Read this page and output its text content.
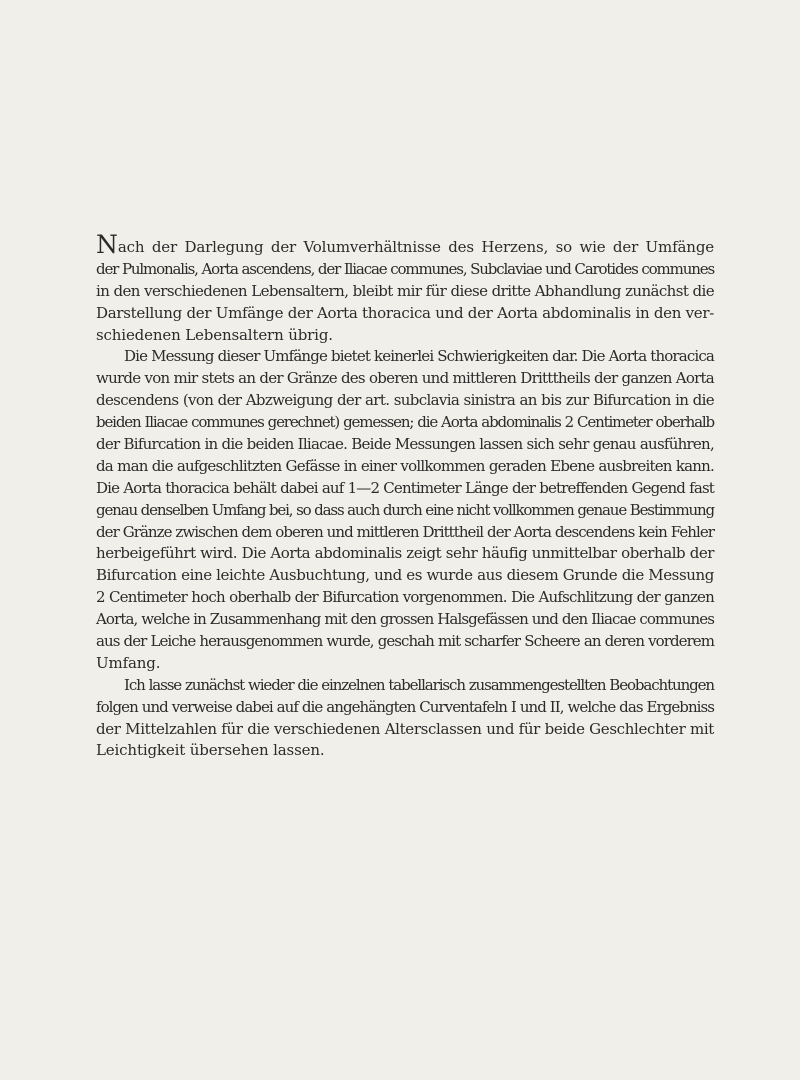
Nach der Darlegung der Volumverhältnisse des Herzens, so wie der Umfänge
der Pulmonalis, Aorta ascendens, der Iliacae communes, Subclaviae und Carotides communes
in den verschiedenen Lebensaltern, bleibt mir für diese dritte Abhandlung zunächst die
Darstellung der Umfänge der Aorta thoracica und der Aorta abdominalis in den ver-
schiedenen Lebensaltern übrig.
Die Messung dieser Umfänge bietet keinerlei Schwierigkeiten dar. Die Aorta thoracica
wurde von mir stets an der Gränze des oberen und mittleren Dritttheils der ganzen Aorta
descendens (von der Abzweigung der art. subclavia sinistra an bis zur Bifurcation in die
beiden Iliacae communes gerechnet) gemessen; die Aorta abdominalis 2 Centimeter oberhalb
der Bifurcation in die beiden Iliacae. Beide Messungen lassen sich sehr genau ausführen,
da man die aufgeschlitzten Gefässe in einer vollkommen geraden Ebene ausbreiten kann.
Die Aorta thoracica behält dabei auf 1—2 Centimeter Länge der betreffenden Gegend fast
genau denselben Umfang bei, so dass auch durch eine nicht vollkommen genaue Bestimmung
der Gränze zwischen dem oberen und mittleren Dritttheil der Aorta descendens kein Fehler
herbeigeführt wird. Die Aorta abdominalis zeigt sehr häufig unmittelbar oberhalb der
Bifurcation eine leichte Ausbuchtung, und es wurde aus diesem Grunde die Messung
2 Centimeter hoch oberhalb der Bifurcation vorgenommen. Die Aufschlitzung der ganzen
Aorta, welche in Zusammenhang mit den grossen Halsgefässen und den Iliacae communes
aus der Leiche herausgenommen wurde, geschah mit scharfer Scheere an deren vorderem
Umfang.
Ich lasse zunächst wieder die einzelnen tabellarisch zusammengestellten Beobachtungen
folgen und verweise dabei auf die angehängten Curventafeln I und II, welche das Ergebniss
der Mittelzahlen für die verschiedenen Altersclassen und für beide Geschlechter mit
Leichtigkeit übersehen lassen.
